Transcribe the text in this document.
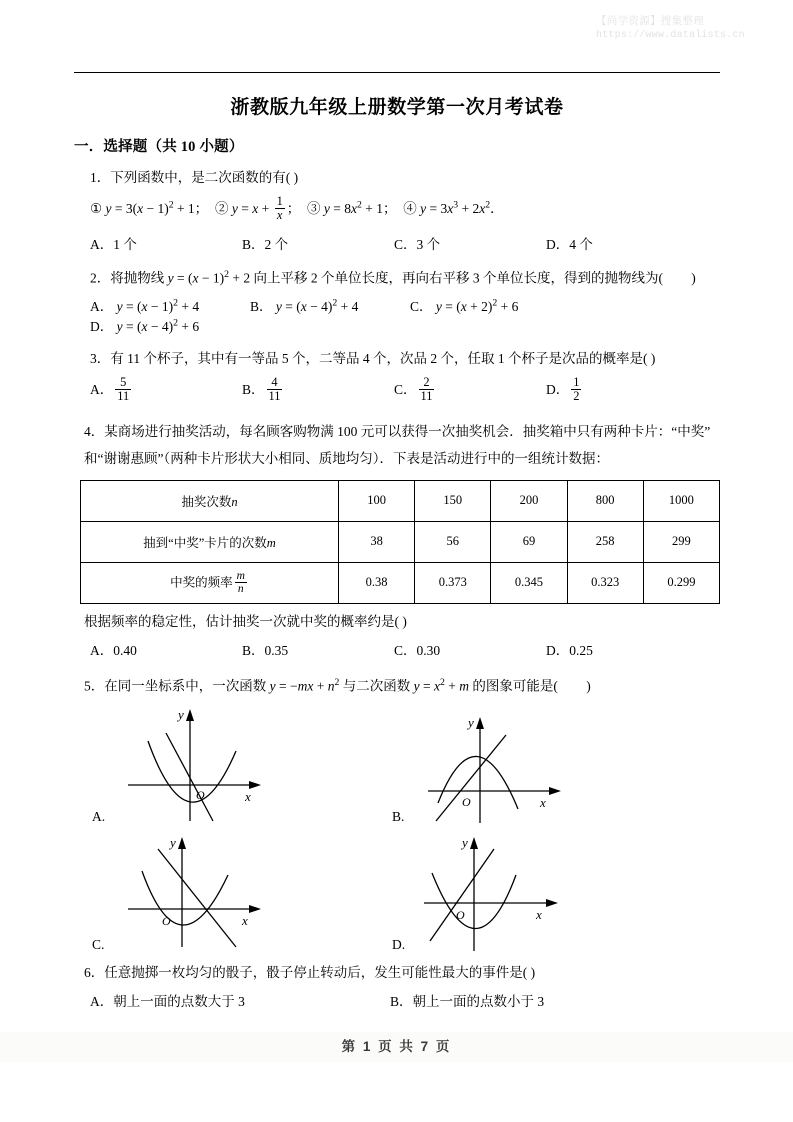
【尚学资源】搜集整理
https://www.datalists.cn
浙教版九年级上册数学第一次月考试卷
一．选择题（共 10 小题）
1．下列函数中，是二次函数的有( )
① $y = 3(x - 1)^2 + 1$；  ② $y = x + \frac{1}{x}$ ；  ③ $y = 8x^2 + 1$；  ④ $y = 3x^3 + 2x^2$．
A．1 个	B．2 个	C．3 个	D．4 个
2．将抛物线 $y = (x - 1)^2 + 2$ 向上平移 2 个单位长度，再向右平移 3 个单位长度，得到的抛物线为( )
A． $y = (x - 1)^2 + 4$	B． $y = (x - 4)^2 + 4$	C． $y = (x + 2)^2 + 6D$． $y = (x - 4)^2 + 6$
3．有 11 个杯子，其中有一等品 5 个，二等品 4 个，次品 2 个，任取 1 个杯子是次品的概率是( )
A． $\frac{5}{11}$	B． $\frac{4}{11}$	C． $\frac{2}{11}$	D． $\frac{1}{2}$
4．某商场进行抽奖活动，每名顾客购物满 100 元可以获得一次抽奖机会．抽奖箱中只有两种卡片：“中奖”
和“谢谢惠顾”（两种卡片形状大小相同、质地均匀）．下表是活动进行中的一组统计数据：
抽奖次数n	100	150	200	800	1000
抽到“中奖”卡片的次数m	38	56	69	258	299
中奖的频率 $\frac{m}{n}$	0.38	0.373	0.345	0.323	0.299
根据频率的稳定性，估计抽奖一次就中奖的概率约是( )
A．0.40	B．0.35	C．0.30	D．0.25
5．在同一坐标系中，一次函数 $y = -mx + n^2$ 与二次函数 $y = x^2 + m$ 的图象可能是( )
y
x
O
A.
y
x
O
B.
y
x
O
C.
y
x
O
D.
6．任意抛掷一枚均匀的骰子，骰子停止转动后，发生可能性最大的事件是( )
A．朝上一面的点数大于 3	B．朝上一面的点数小于 3
第 1 页 共 7 页
